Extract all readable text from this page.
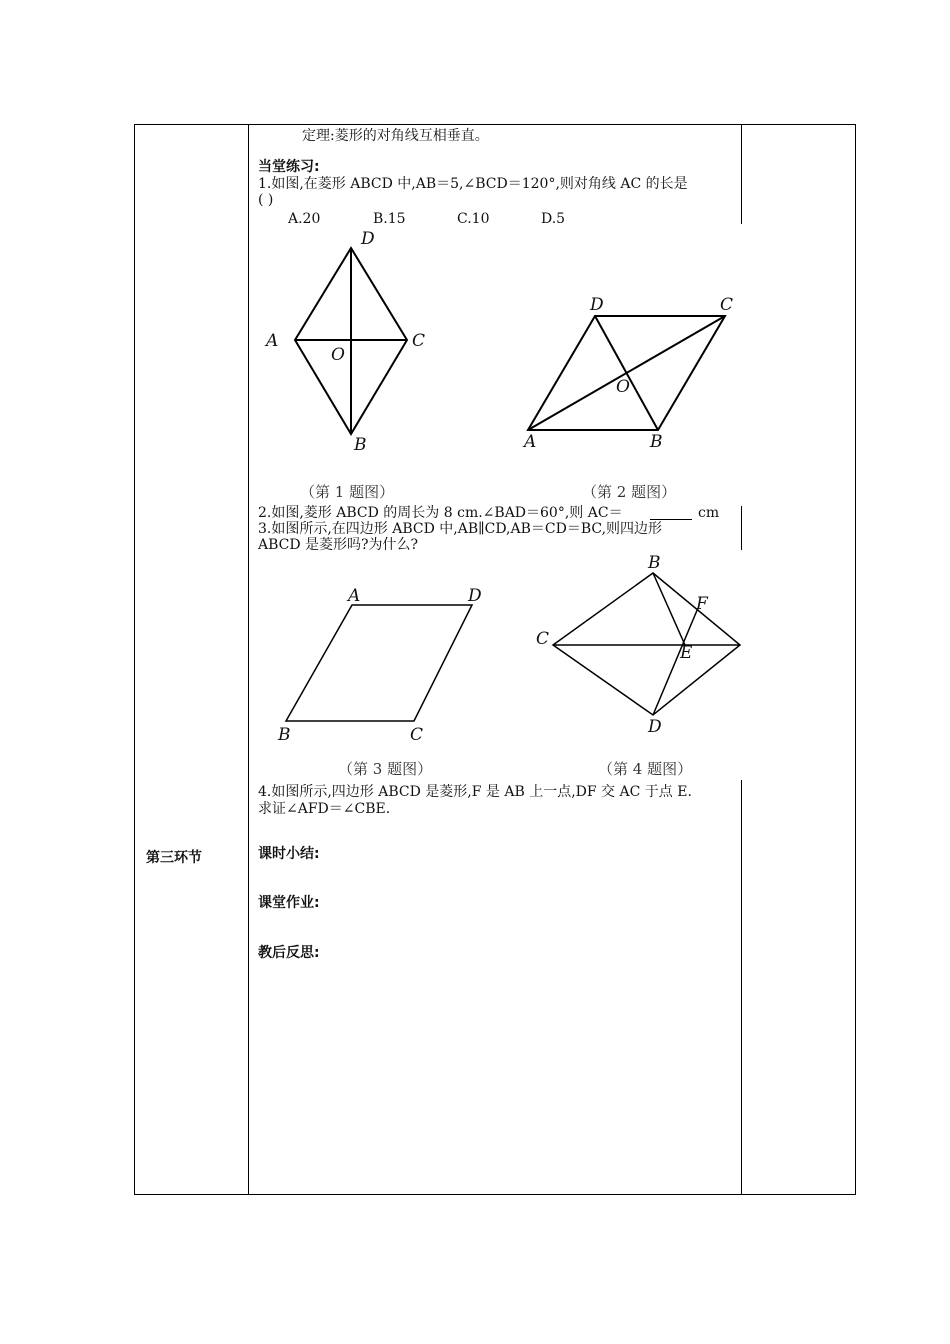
第三环节
定理:菱形的对角线互相垂直。
当堂练习:
1.如图,在菱形 ABCD 中,AB＝5,∠BCD＝120°,则对角线 AC 的长是
( )
A.20	B.15	C.10	D.5
D
A
O
C
B
（第 1 题图）
D	C
O
A	B
（第 2 题图）
2.如图,菱形 ABCD 的周长为 8 cm.∠BAD＝60°,则 AC＝	cm
3.如图所示,在四边形 ABCD 中,AB∥CD,AB＝CD＝BC,则四边形
ABCD 是菱形吗?为什么?
A	D
B	C
（第 3 题图）
B
F
C
E
D
（第 4 题图）
4.如图所示,四边形 ABCD 是菱形,F 是 AB 上一点,DF 交 AC 于点 E.
求证∠AFD＝∠CBE.
课时小结:
课堂作业:
教后反思:
